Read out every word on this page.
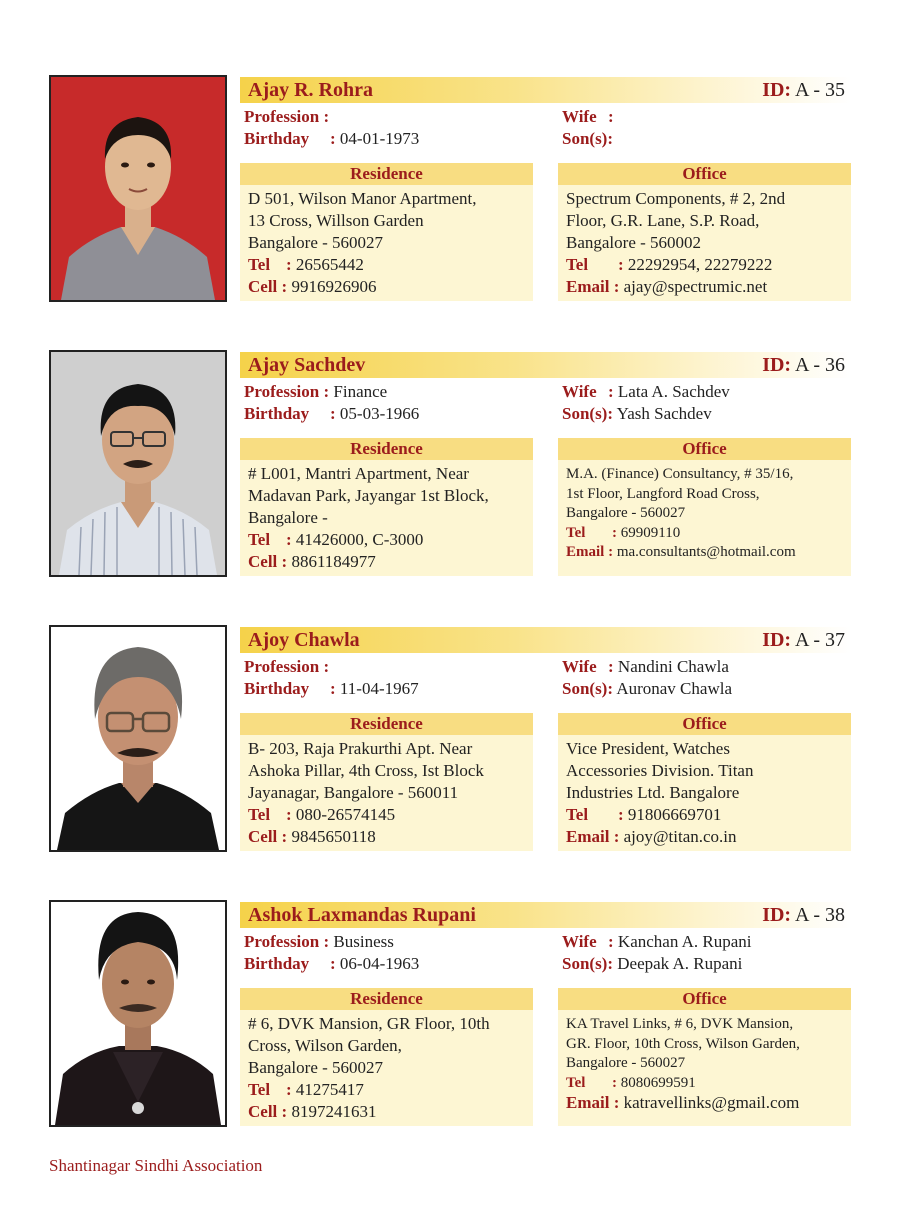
Ajay R. Rohra	ID: A - 35
Profession :
Birthday : 04-01-1973
Wife :
Son(s):
Residence
D 501, Wilson Manor Apartment,
13 Cross, Willson Garden
Bangalore - 560027
Tel : 26565442
Cell : 9916926906
Office
Spectrum Components, # 2, 2nd
Floor, G.R. Lane, S.P. Road,
Bangalore - 560002
Tel : 22292954, 22279222
Email : ajay@spectrumic.net
Ajay Sachdev	ID: A - 36
Profession : Finance
Birthday : 05-03-1966
Wife : Lata A. Sachdev
Son(s): Yash Sachdev
Residence
# L001, Mantri Apartment, Near
Madavan Park, Jayangar 1st Block,
Bangalore -
Tel : 41426000, C-3000
Cell : 8861184977
Office
M.A. (Finance) Consultancy, # 35/16,
1st Floor, Langford Road Cross,
Bangalore - 560027
Tel : 69909110
Email : ma.consultants@hotmail.com
Ajoy Chawla	ID: A - 37
Profession :
Birthday : 11-04-1967
Wife : Nandini Chawla
Son(s): Auronav Chawla
Residence
B- 203, Raja Prakurthi Apt. Near
Ashoka Pillar, 4th Cross, Ist Block
Jayanagar, Bangalore - 560011
Tel : 080-26574145
Cell : 9845650118
Office
Vice President, Watches
Accessories Division. Titan
Industries Ltd. Bangalore
Tel : 91806669701
Email : ajoy@titan.co.in
Ashok Laxmandas Rupani	ID: A - 38
Profession : Business
Birthday : 06-04-1963
Wife : Kanchan A. Rupani
Son(s): Deepak A. Rupani
Residence
# 6, DVK Mansion, GR Floor, 10th
Cross, Wilson Garden,
Bangalore - 560027
Tel : 41275417
Cell : 8197241631
Office
KA Travel Links, # 6, DVK Mansion,
GR. Floor, 10th Cross, Wilson Garden,
Bangalore - 560027
Tel : 8080699591
Email : katravellinks@gmail.com
Shantinagar Sindhi Association
